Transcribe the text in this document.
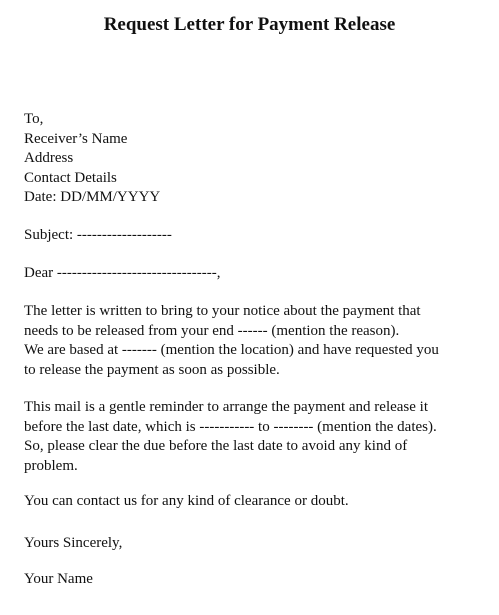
Request Letter for Payment Release
To,
Receiver’s Name
Address
Contact Details
Date: DD/MM/YYYY

Subject: -------------------

Dear --------------------------------,

The letter is written to bring to your notice about the payment that
needs to be released from your end ------ (mention the reason).
We are based at ------- (mention the location) and have requested you
to release the payment as soon as possible.
This mail is a gentle reminder to arrange the payment and release it
before the last date, which is ----------- to -------- (mention the dates).
So, please clear the due before the last date to avoid any kind of
problem.

You can contact us for any kind of clearance or doubt.

Yours Sincerely,

Your Name
